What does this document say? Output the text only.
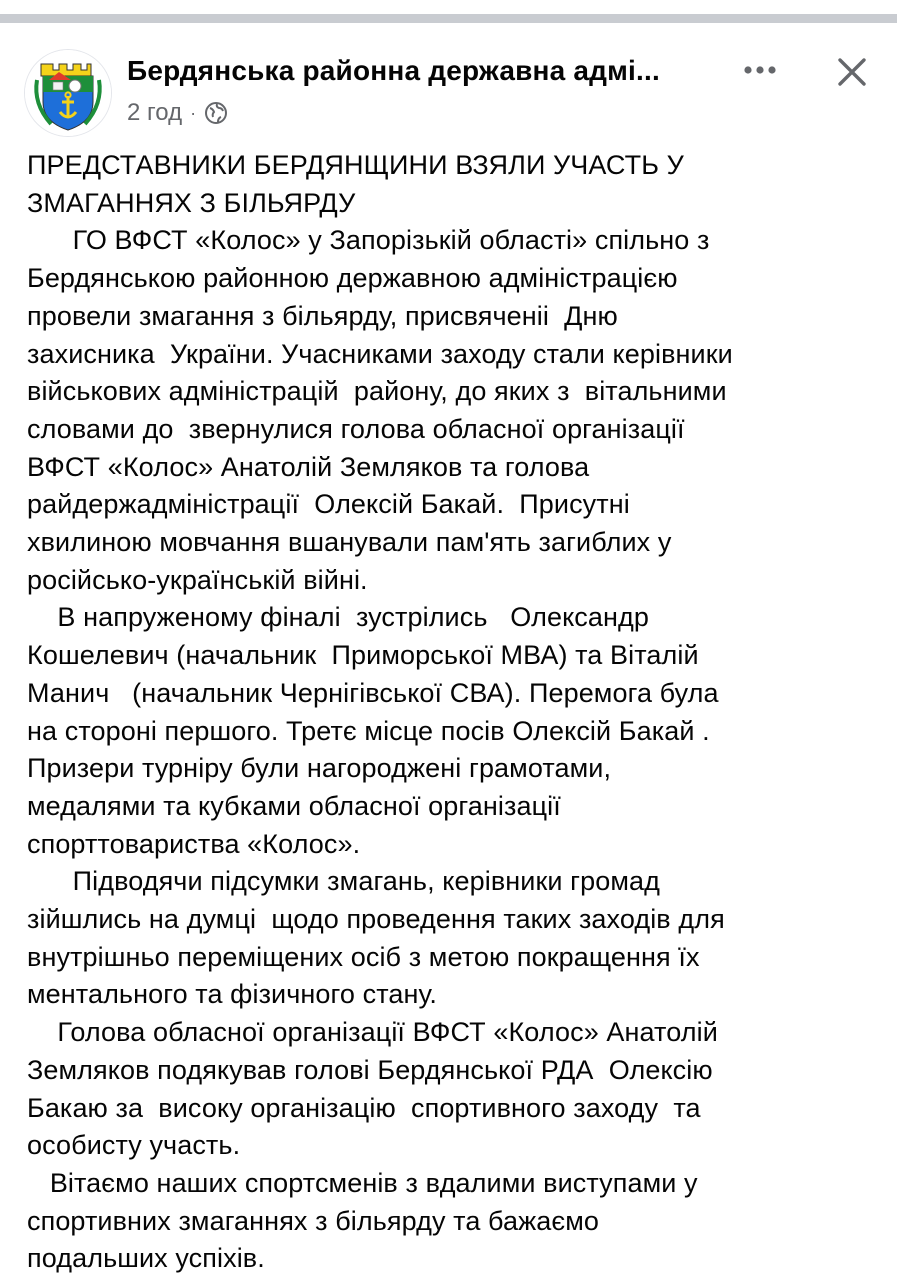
Бердянська районна державна адмі...
2 год ·

ПРЕДСТАВНИКИ БЕРДЯНЩИНИ ВЗЯЛИ УЧАСТЬ У

ЗМАГАННЯХ З БІЛЬЯРДУ

ГО ВФСТ «Колос» у Запорізькій області» спільно з

Бердянською районною державною адміністрацією

провели змагання з більярду, присвяченіі  Дню

захисника  України. Учасниками заходу стали керівники

військових адміністрацій  району, до яких з  вітальними

словами до  звернулися голова обласної організації

ВФСТ «Колос» Анатолій Земляков та голова

райдержадміністрації  Олексій Бакай.  Присутні

хвилиною мовчання вшанували пам'ять загиблих у

російсько-українській війні.

В напруженому фіналі  зустрілись   Олександр

Кошелевич (начальник  Приморської МВА) та Віталій

Манич   (начальник Чернігівської СВА). Перемога була

на стороні першого. Третє місце посів Олексій Бакай .

Призери турніру були нагороджені грамотами,

медалями та кубками обласної організації

спорттовариства «Колос».

Підводячи підсумки змагань, керівники громад

зійшлись на думці  щодо проведення таких заходів для

внутрішньо переміщених осіб з метою покращення їх

ментального та фізичного стану.

Голова обласної організації ВФСТ «Колос» Анатолій

Земляков подякував голові Бердянської РДА  Олексію

Бакаю за  високу організацію  спортивного заходу  та

особисту участь.

Вітаємо наших спортсменів з вдалими виступами у

спортивних змаганнях з більярду та бажаємо

подальших успіхів.
